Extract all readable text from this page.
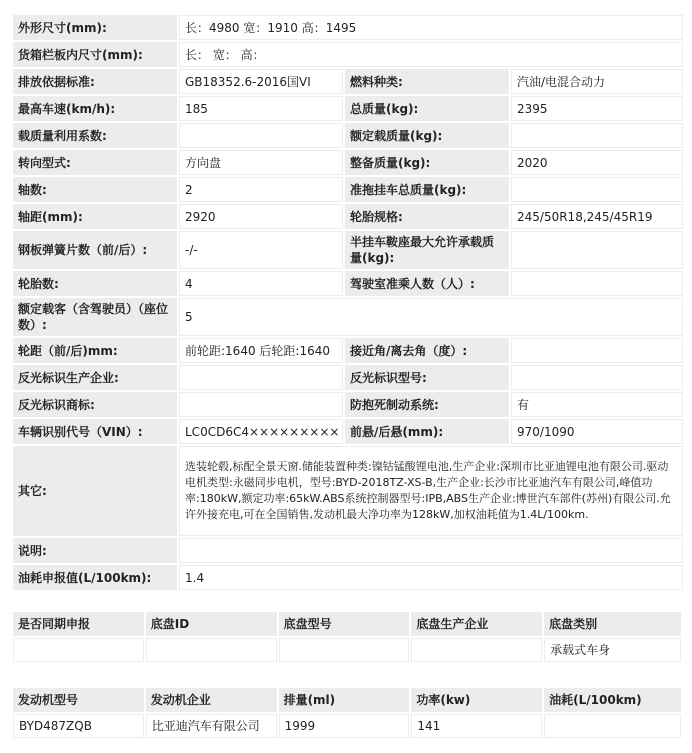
外形尺寸(mm):	长：4980 宽：1910 高：1495		
货箱栏板内尺寸(mm):	长： 宽： 高：		
排放依据标准:	GB18352.6-2016国VI	燃料种类:	汽油/电混合动力
最高车速(km/h):	185	总质量(kg):	2395
载质量利用系数:		额定载质量(kg):	
转向型式:	方向盘	整备质量(kg):	2020
轴数:	2	准拖挂车总质量(kg):	
轴距(mm):	2920	轮胎规格:	245/50R18,245/45R19
钢板弹簧片数（前/后）:	-/-	半挂车鞍座最大允许承载质量(kg):	
轮胎数:	4	驾驶室准乘人数（人）:	
额定载客（含驾驶员）（座位数）:	5		
轮距（前/后)mm:	前轮距:1640 后轮距:1640	接近角/离去角（度）:	
反光标识生产企业:		反光标识型号:	
反光标识商标:		防抱死制动系统:	有
车辆识别代号（VIN）:	LC0CD6C4×××××××××	前悬/后悬(mm):	970/1090
其它:	选装轮毂,标配全景天窗.储能装置种类:镍钴锰酸锂电池,生产企业:深圳市比亚迪锂电池有限公司.驱动电机类型:永磁同步电机，型号:BYD-2018TZ-XS-B,生产企业:长沙市比亚迪汽车有限公司,峰值功率:180kW,额定功率:65kW.ABS系统控制器型号:IPB,ABS生产企业:博世汽车部件(苏州)有限公司.允许外接充电,可在全国销售,发动机最大净功率为128kW,加权油耗值为1.4L/100km.		
说明:			
油耗申报值(L/100km):	1.4		
是否同期申报	底盘ID	底盘型号	底盘生产企业	底盘类别
				承载式车身
发动机型号	发动机企业	排量(ml)	功率(kw)	油耗(L/100km)
BYD487ZQB	比亚迪汽车有限公司	1999	141	
